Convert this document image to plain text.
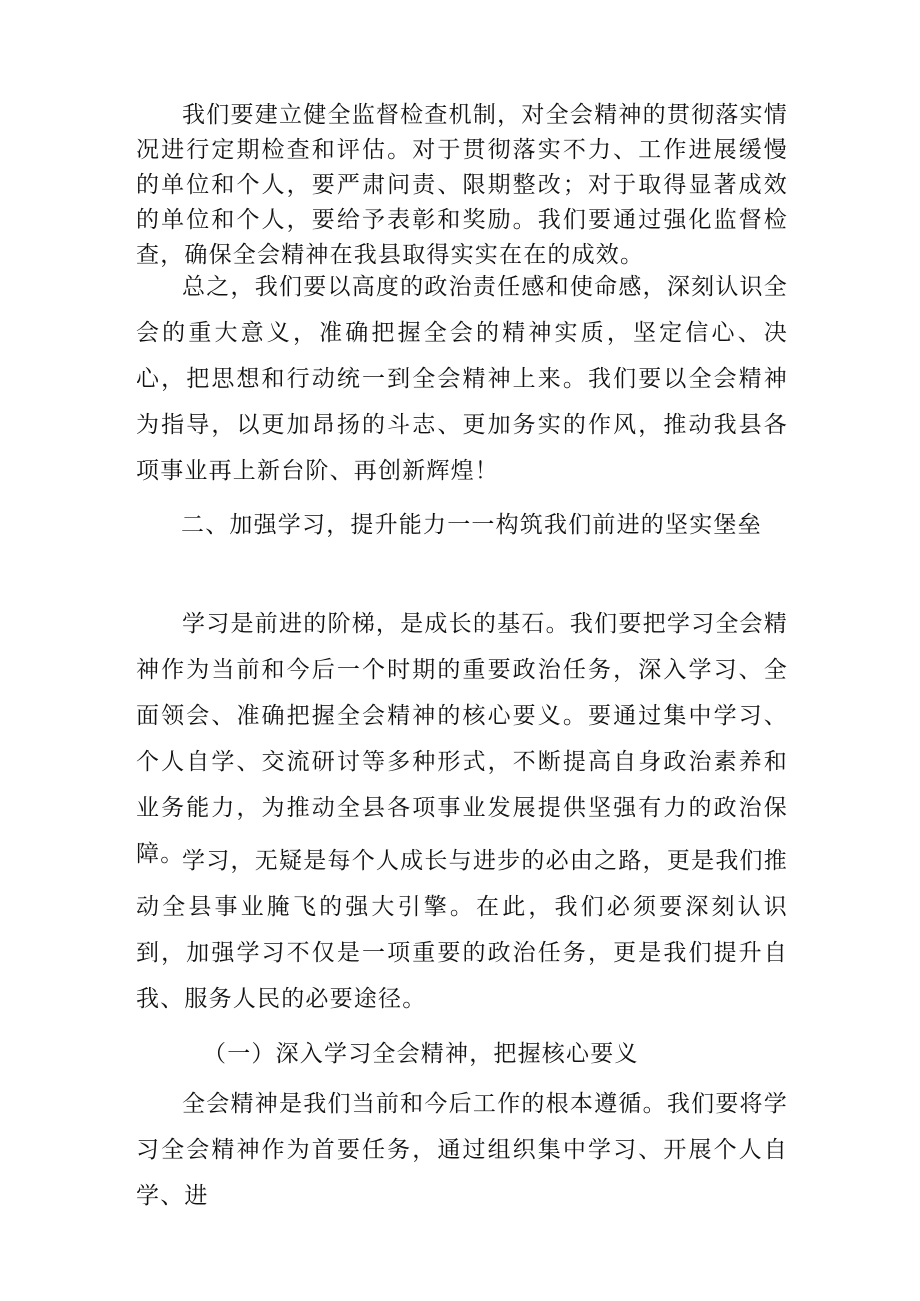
我们要建立健全监督检查机制，对全会精神的贯彻落实情况进行定期检查和评估。对于贯彻落实不力、工作进展缓慢的单位和个人，要严肃问责、限期整改；对于取得显著成效的单位和个人，要给予表彰和奖励。我们要通过强化监督检查，确保全会精神在我县取得实实在在的成效。

总之，我们要以高度的政治责任感和使命感，深刻认识全会的重大意义，准确把握全会的精神实质，坚定信心、决心，把思想和行动统一到全会精神上来。我们要以全会精神为指导，以更加昂扬的斗志、更加务实的作风，推动我县各项事业再上新台阶、再创新辉煌！

二、加强学习，提升能力一一构筑我们前进的坚实堡垒

学习是前进的阶梯，是成长的基石。我们要把学习全会精神作为当前和今后一个时期的重要政治任务，深入学习、全面领会、准确把握全会精神的核心要义。要通过集中学习、个人自学、交流研讨等多种形式，不断提高自身政治素养和业务能力，为推动全县各项事业发展提供坚强有力的政治保障。

学习，无疑是每个人成长与进步的必由之路，更是我们推动全县事业腌飞的强大引擎。在此，我们必须要深刻认识到，加强学习不仅是一项重要的政治任务，更是我们提升自我、服务人民的必要途径。

（一）深入学习全会精神，把握核心要义

全会精神是我们当前和今后工作的根本遵循。我们要将学习全会精神作为首要任务，通过组织集中学习、开展个人自学、进
